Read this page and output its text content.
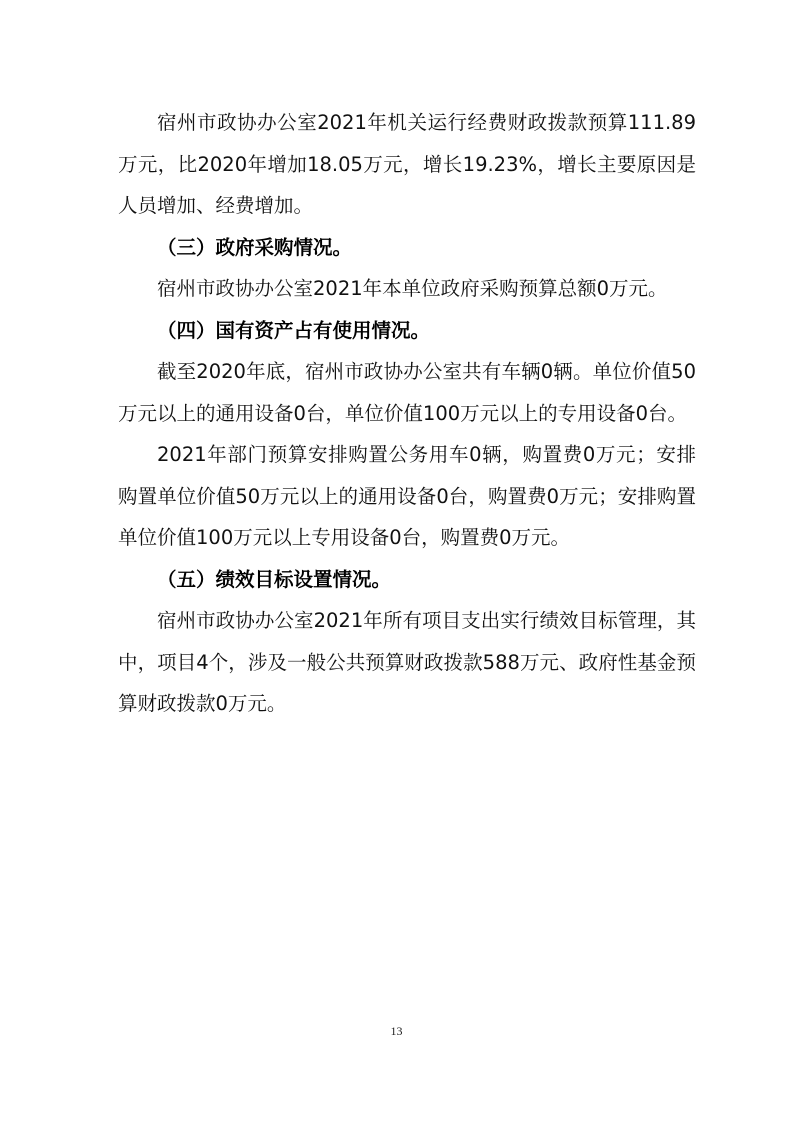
宿州市政协办公室2021年机关运行经费财政拨款预算111.89万元，比2020年增加18.05万元，增长19.23%，增长主要原因是人员增加、经费增加。

（三）政府采购情况。

宿州市政协办公室2021年本单位政府采购预算总额0万元。

（四）国有资产占有使用情况。

截至2020年底，宿州市政协办公室共有车辆0辆。单位价值50万元以上的通用设备0台，单位价值100万元以上的专用设备0台。

2021年部门预算安排购置公务用车0辆，购置费0万元；安排购置单位价值50万元以上的通用设备0台，购置费0万元；安排购置单位价值100万元以上专用设备0台，购置费0万元。

（五）绩效目标设置情况。

宿州市政协办公室2021年所有项目支出实行绩效目标管理，其中，项目4个，涉及一般公共预算财政拨款588万元、政府性基金预算财政拨款0万元。

13
